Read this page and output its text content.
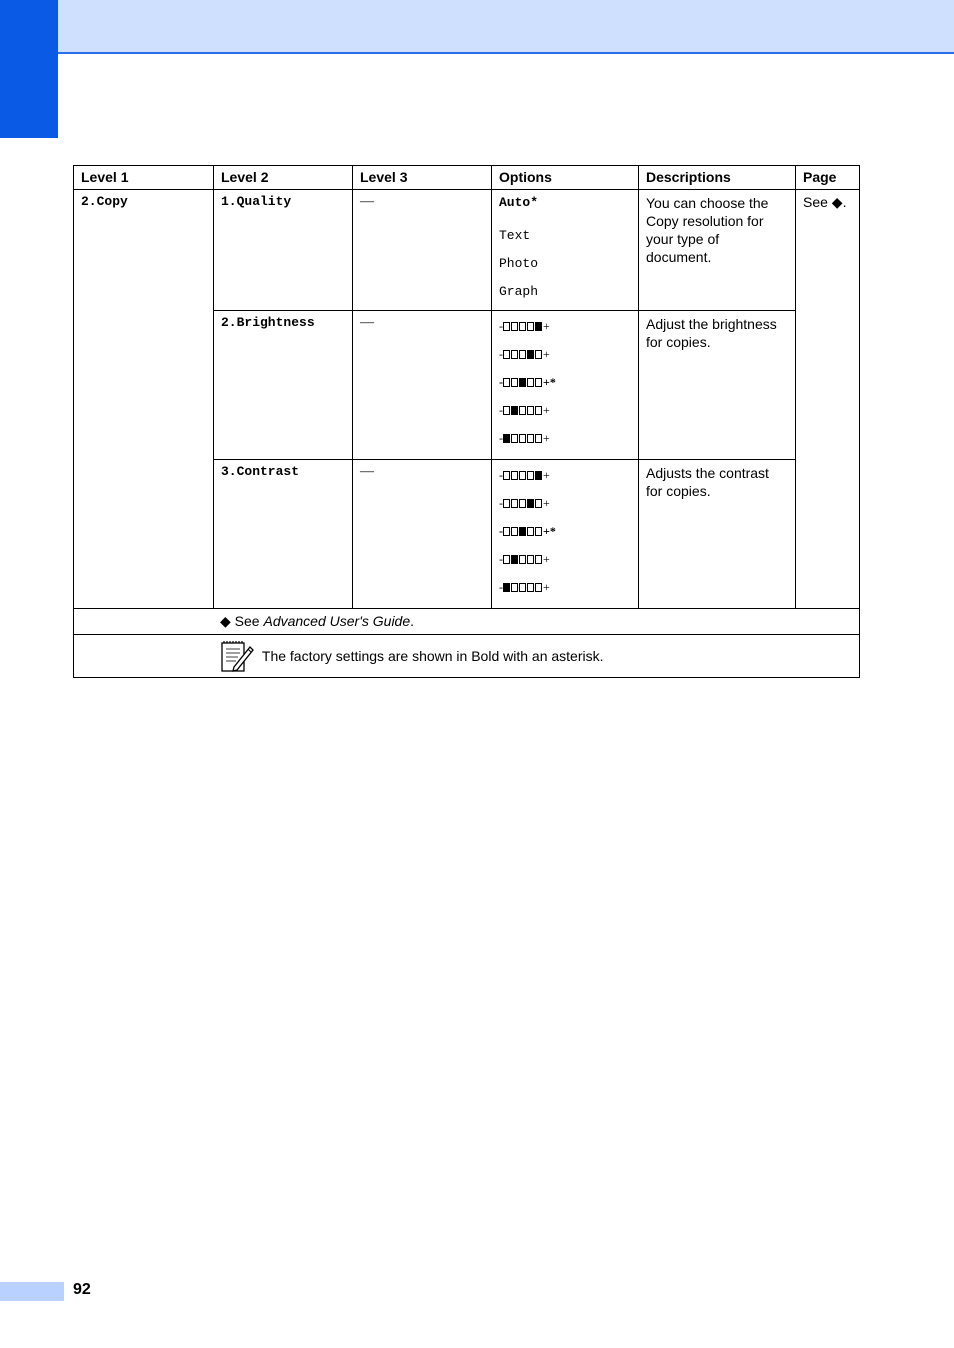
Level 1	Level 2	Level 3	Options	Descriptions	Page
2.Copy	1.Quality	—	Auto*

Text

Photo

Graph	You can choose the Copy resolution for your type of document.	See ◆.
	2.Brightness	—	- +

- +

- +*

- +

- +	Adjust the brightness for copies.	

	3.Contrast	—	- +

- +

- +*

- +

- +	Adjusts the contrast for copies.	

◆ See Advanced User's Guide.					
The factory settings are shown in Bold with an asterisk.					
92
